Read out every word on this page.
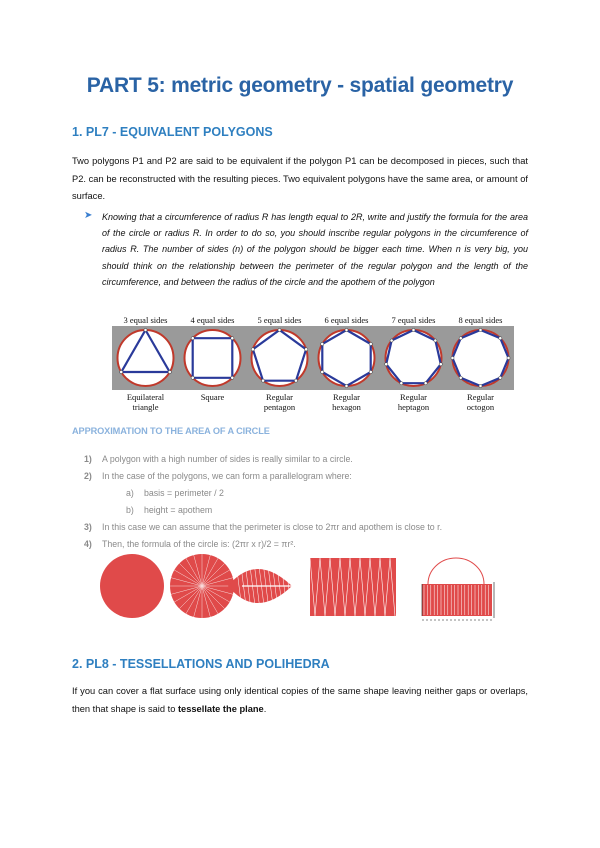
PART 5: metric geometry - spatial geometry
1. PL7 - EQUIVALENT POLYGONS

Two polygons P1 and P2 are said to be equivalent if the polygon P1 can be decomposed in pieces, such that P2. can be reconstructed with the resulting pieces. Two equivalent polygons have the same area, or amount of surface.

➤ Knowing that a circumference of radius R has length equal to 2R, write and justify the formula for the area of the circle or radius R. In order to do so, you should inscribe regular polygons in the circumference of radius R. The number of sides (n) of the polygon should be bigger each time. When n is very big, you should think on the relationship between the perimeter of the regular polygon and the length of the circumference, and between the radius of the circle and the apothem of the polygon

3 equal sides
Equilateral
triangle
4 equal sides
Square
5 equal sides
Regular
pentagon
6 equal sides
Regular
hexagon
7 equal sides
Regular
heptagon
8 equal sides
Regular
octogon
APPROXIMATION TO THE AREA OF A CIRCLE
1) A polygon with a high number of sides is really similar to a circle.
2) In the case of the polygons, we can form a parallelogram where:
a) basis = perimeter / 2
b) height = apothem
3) In this case we can assume that the perimeter is close to 2πr and apothem is close to r.
4) Then, the formula of the circle is: (2πr x r)/2 = πr².
2. PL8 - TESSELLATIONS AND POLIHEDRA

If you can cover a flat surface using only identical copies of the same shape leaving neither gaps or overlaps, then that shape is said to tessellate the plane.
